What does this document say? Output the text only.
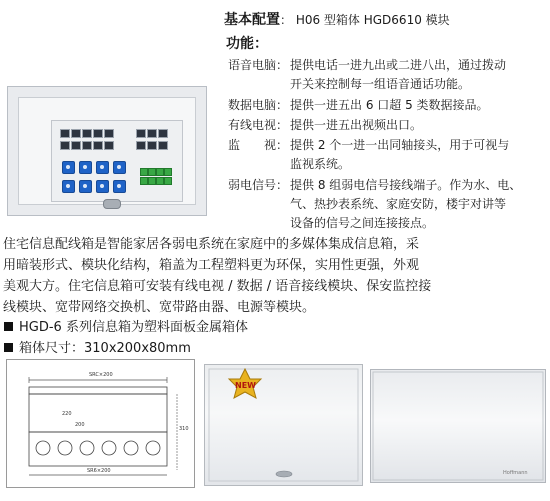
基本配置： H06 型箱体 HGD6610 模块
功能：
语音电脑： 提供电话一进九出或二进八出，通过拨动
开关来控制每一组语音通话功能。
数据电脑： 提供一进五出 6 口超 5 类数据接品。
有线电视： 提供一进五出视频出口。
监　　视： 提供 2 个一进一出同轴接头，用于可视与
监视系统。
弱电信号： 提供 8 组弱电信号接线端子。作为水、电、
气、热抄表系统、家庭安防，楼宇对讲等
设备的信号之间连接接点。
住宅信息配线箱是智能家居各弱电系统在家庭中的多媒体集成信息箱，采
用暗装形式、模块化结构，箱盖为工程塑料更为环保，实用性更强，外观
美观大方。住宅信息箱可安装有线电视 / 数据 / 语音接线模块、保安监控接
线模块、宽带网络交换机、宽带路由器、电源等模块。
HGD-6 系列信息箱为塑料面板金属箱体
箱体尺寸：310x200x80mm
SRC×200
310
220
200
SR6×200
NEW
Hoffmann
